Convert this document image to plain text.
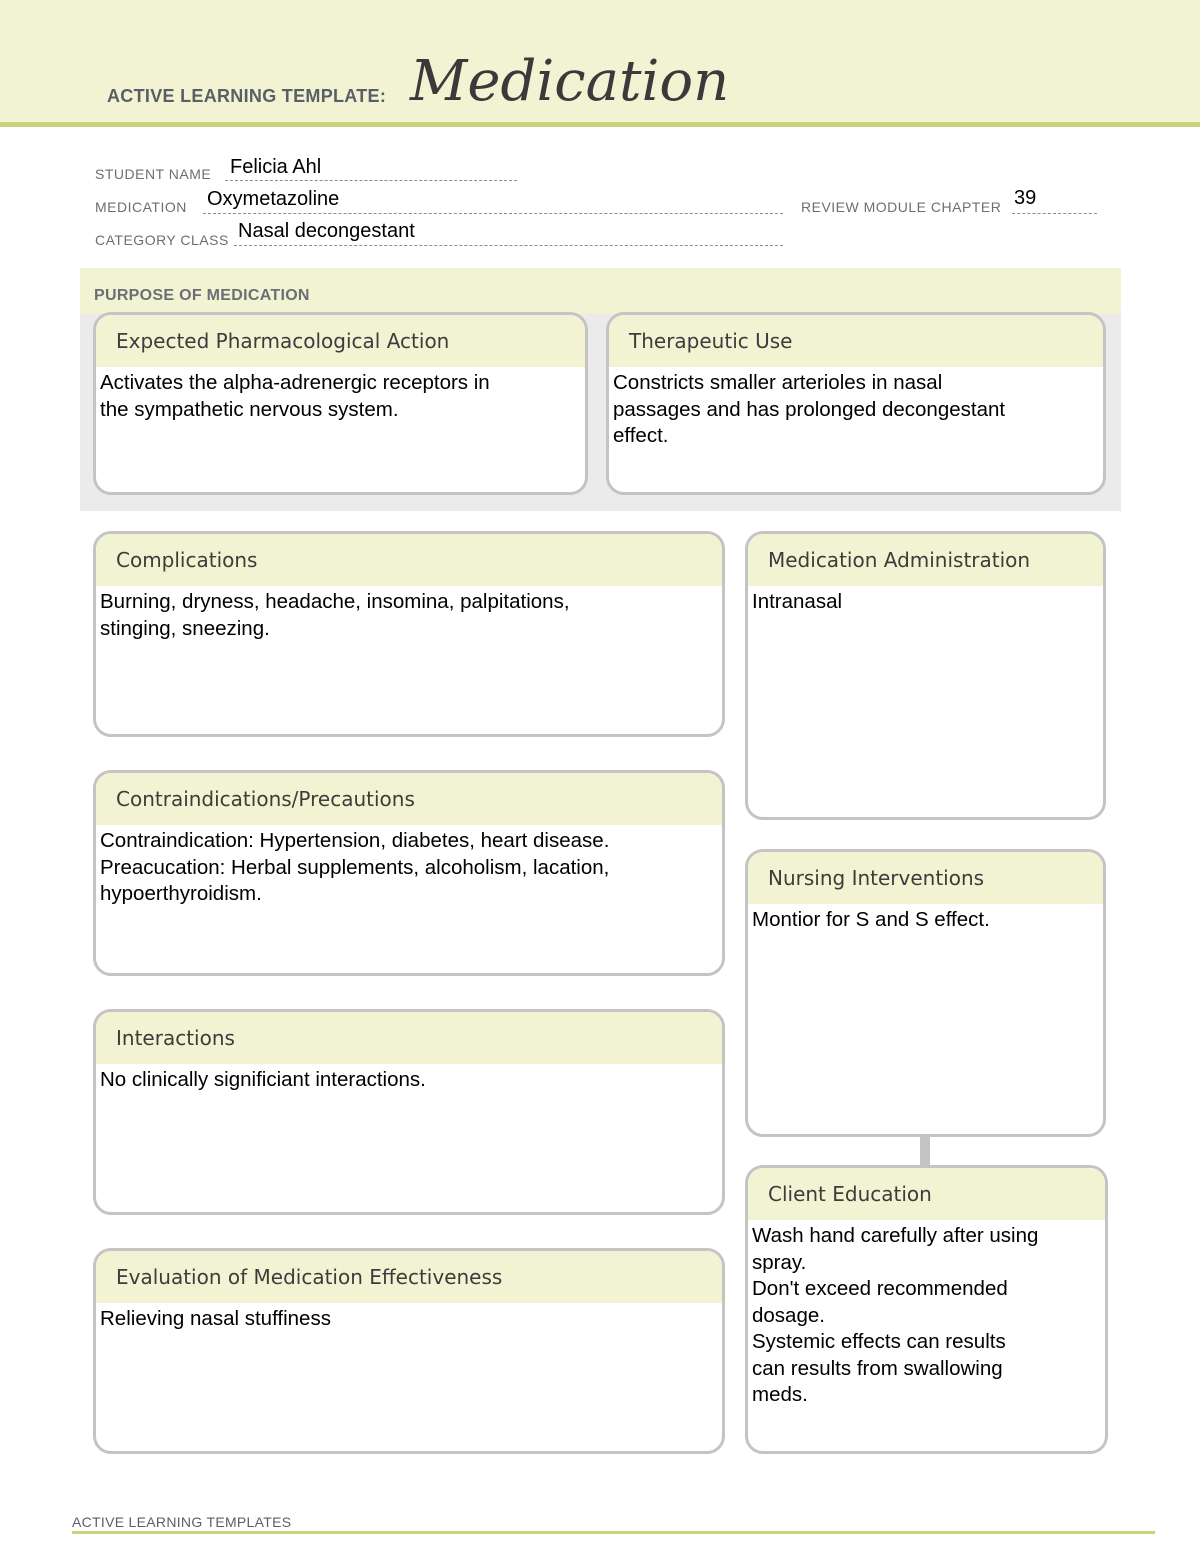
ACTIVE LEARNING TEMPLATE: Medication
STUDENT NAME Felicia Ahl
MEDICATION Oxymetazoline	REVIEW MODULE CHAPTER 39
CATEGORY CLASS Nasal decongestant
PURPOSE OF MEDICATION
Expected Pharmacological Action
Activates the alpha-adrenergic receptors in
the sympathetic nervous system.
Therapeutic Use
Constricts smaller arterioles in nasal
passages and has prolonged decongestant
effect.
Complications
Burning, dryness, headache, insomina, palpitations,
stinging, sneezing.
Contraindications/Precautions
Contraindication: Hypertension, diabetes, heart disease.
Preacucation: Herbal supplements, alcoholism, lacation,
hypoerthyroidism.
Interactions
No clinically significiant interactions.
Evaluation of Medication Effectiveness
Relieving nasal stuffiness
Medication Administration
Intranasal
Nursing Interventions
Montior for S and S effect.
Client Education
Wash hand carefully after using
spray.
Don't exceed recommended
dosage.
Systemic effects can results
can results from swallowing
meds.
ACTIVE LEARNING TEMPLATES
